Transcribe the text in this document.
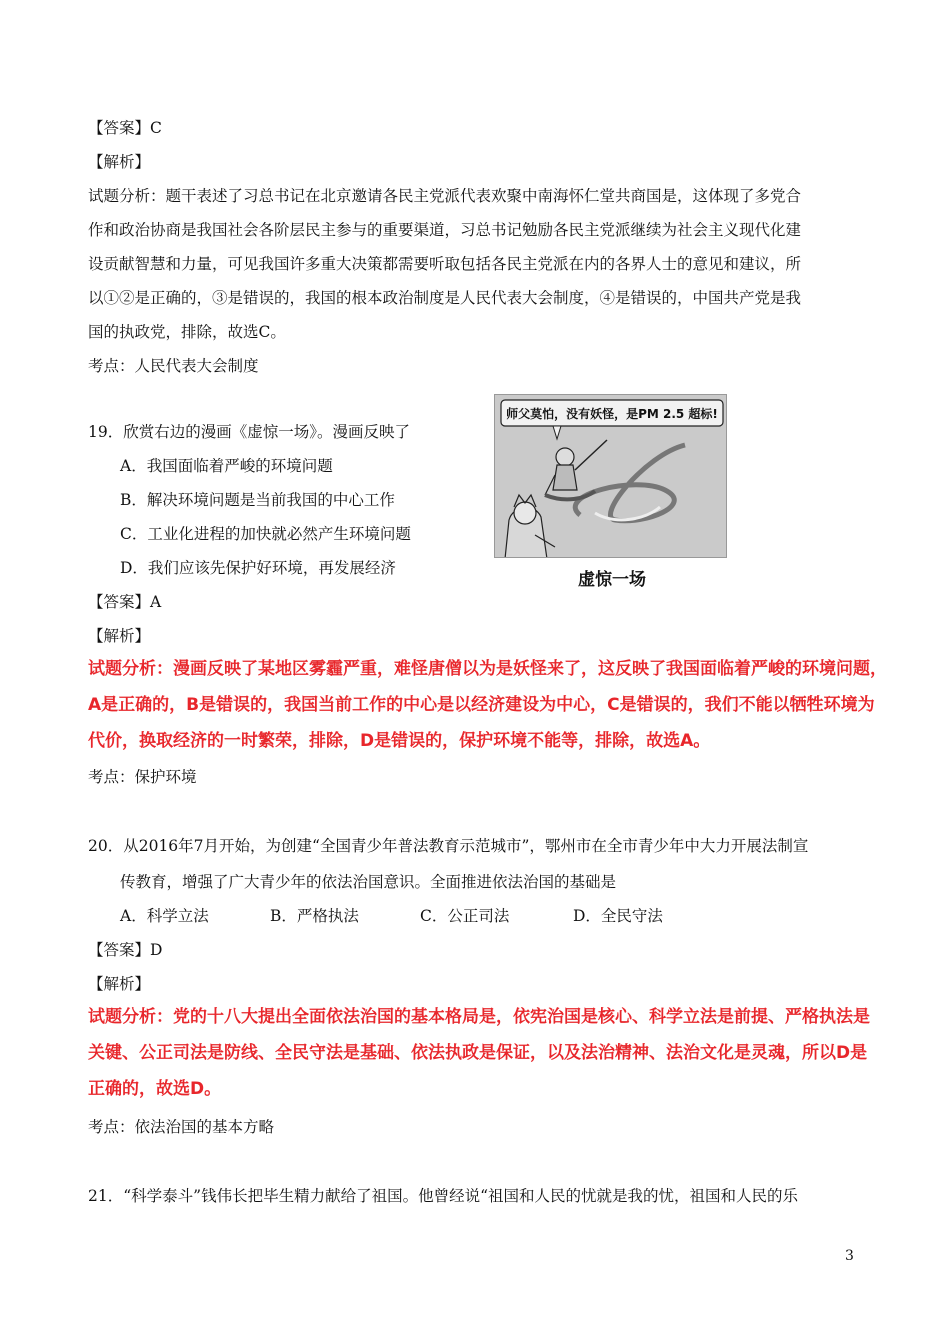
【答案】C
【解析】
试题分析：题干表述了习总书记在北京邀请各民主党派代表欢聚中南海怀仁堂共商国是，这体现了多党合
作和政治协商是我国社会各阶层民主参与的重要渠道，习总书记勉励各民主党派继续为社会主义现代化建
设贡献智慧和力量，可见我国许多重大决策都需要听取包括各民主党派在内的各界人士的意见和建议，所
以①②是正确的，③是错误的，我国的根本政治制度是人民代表大会制度，④是错误的，中国共产党是我
国的执政党，排除，故选C。
考点：人民代表大会制度
19．欣赏右边的漫画《虚惊一场》。漫画反映了
A．我国面临着严峻的环境问题
B．解决环境问题是当前我国的中心工作
C．工业化进程的加快就必然产生环境问题
D．我们应该先保护好环境，再发展经济
师父莫怕，没有妖怪，是PM 2.5 超标!
虚惊一场
【答案】A
【解析】
试题分析：漫画反映了某地区雾霾严重，难怪唐僧以为是妖怪来了，这反映了我国面临着严峻的环境问题，
A是正确的，B是错误的，我国当前工作的中心是以经济建设为中心，C是错误的，我们不能以牺牲环境为
代价，换取经济的一时繁荣，排除，D是错误的，保护环境不能等，排除，故选A。
考点：保护环境
20．从2016年7月开始，为创建“全国青少年普法教育示范城市”，鄂州市在全市青少年中大力开展法制宣
传教育，增强了广大青少年的依法治国意识。全面推进依法治国的基础是
A．科学立法	B．严格执法	C．公正司法	D．全民守法
【答案】D
【解析】
试题分析：党的十八大提出全面依法治国的基本格局是，依宪治国是核心、科学立法是前提、严格执法是
关键、公正司法是防线、全民守法是基础、依法执政是保证，以及法治精神、法治文化是灵魂，所以D是
正确的，故选D。
考点：依法治国的基本方略
21．“科学泰斗”钱伟长把毕生精力献给了祖国。他曾经说“祖国和人民的忧就是我的忧，祖国和人民的乐
3
